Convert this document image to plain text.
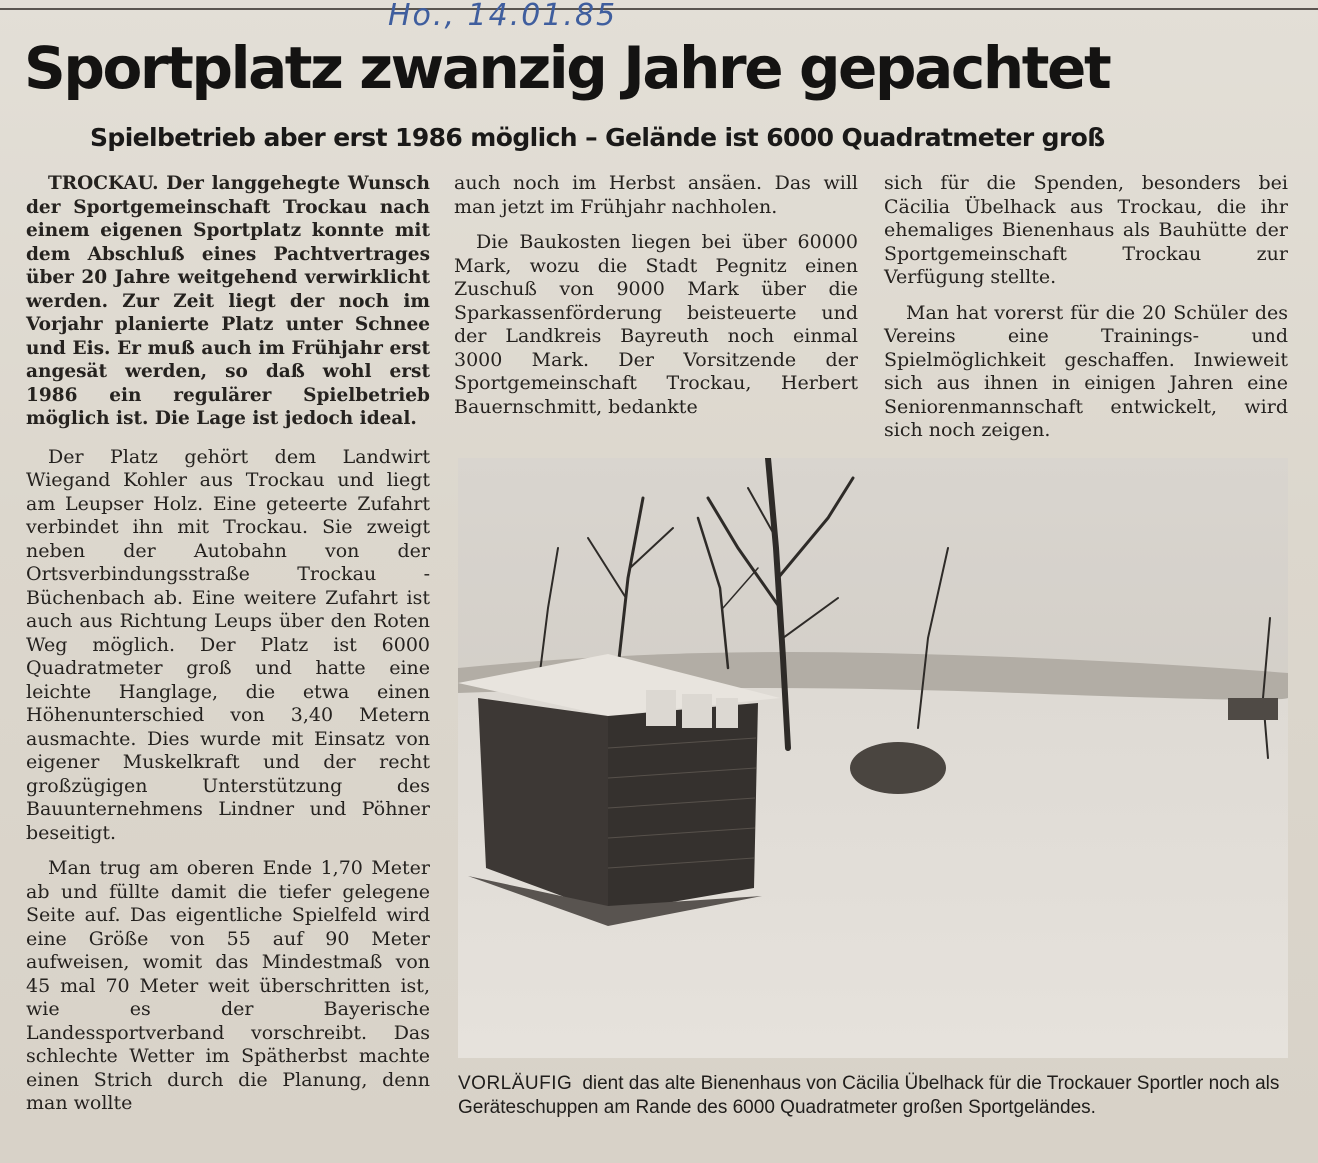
Ho., 14.01.85
Sportplatz zwanzig Jahre gepachtet
Spielbetrieb aber erst 1986 möglich – Gelände ist 6000 Quadratmeter groß

TROCKAU. Der langgehegte Wunsch der Sportgemeinschaft Trockau nach einem eigenen Sportplatz konnte mit dem Abschluß eines Pachtvertrages über 20 Jahre weitgehend verwirklicht werden. Zur Zeit liegt der noch im Vorjahr planierte Platz unter Schnee und Eis. Er muß auch im Frühjahr erst angesät werden, so daß wohl erst 1986 ein regulärer Spielbetrieb möglich ist. Die Lage ist jedoch ideal.

Der Platz gehört dem Landwirt Wiegand Kohler aus Trockau und liegt am Leupser Holz. Eine geteerte Zufahrt verbindet ihn mit Trockau. Sie zweigt neben der Autobahn von der Ortsverbindungsstraße Trockau -Büchenbach ab. Eine weitere Zufahrt ist auch aus Richtung Leups über den Roten Weg möglich. Der Platz ist 6000 Quadratmeter groß und hatte eine leichte Hanglage, die etwa einen Höhenunterschied von 3,40 Metern ausmachte. Dies wurde mit Einsatz von eigener Muskelkraft und der recht großzügigen Unterstützung des Bauunternehmens Lindner und Pöhner beseitigt.

Man trug am oberen Ende 1,70 Meter ab und füllte damit die tiefer gelegene Seite auf. Das eigentliche Spielfeld wird eine Größe von 55 auf 90 Meter aufweisen, womit das Mindestmaß von 45 mal 70 Meter weit überschritten ist, wie es der Bayerische Landessportverband vorschreibt. Das schlechte Wetter im Spätherbst machte einen Strich durch die Planung, denn man wollte

auch noch im Herbst ansäen. Das will man jetzt im Frühjahr nachholen.

Die Baukosten liegen bei über 60000 Mark, wozu die Stadt Pegnitz einen Zuschuß von 9000 Mark über die Sparkassenförderung beisteuerte und der Landkreis Bayreuth noch einmal 3000 Mark. Der Vorsitzende der Sportgemeinschaft Trockau, Herbert Bauernschmitt, bedankte

sich für die Spenden, besonders bei Cäcilia Übelhack aus Trockau, die ihr ehemaliges Bienenhaus als Bauhütte der Sportgemeinschaft Trockau zur Verfügung stellte.

Man hat vorerst für die 20 Schüler des Vereins eine Trainings- und Spielmöglichkeit geschaffen. Inwieweit sich aus ihnen in einigen Jahren eine Seniorenmannschaft entwickelt, wird sich noch zeigen.

VORLÄUFIG dient das alte Bienenhaus von Cäcilia Übelhack für die Trockauer Sportler noch als Geräteschuppen am Rande des 6000 Quadratmeter großen Sportgeländes.
